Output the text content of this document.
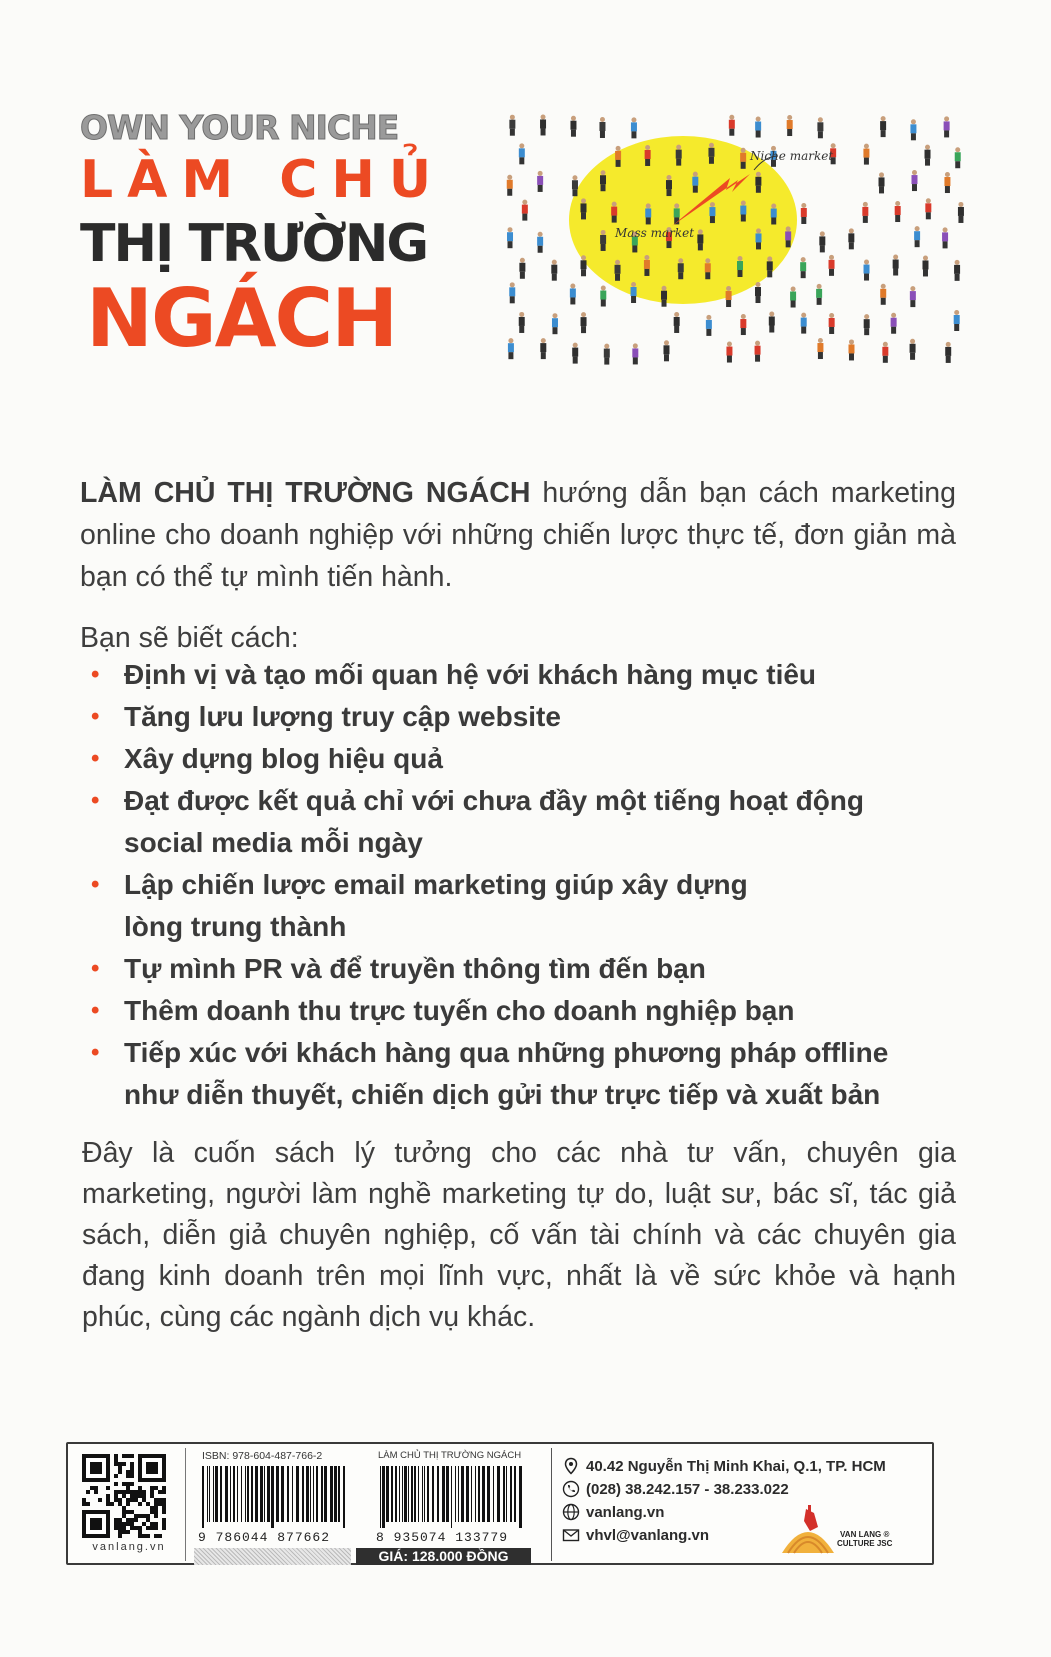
OWN YOUR NICHE
LÀM CHỦ
THỊ TRƯỜNG
NGÁCH
Niche market
Mass market

LÀM CHỦ THỊ TRƯỜNG NGÁCH hướng dẫn bạn cách marketing online cho doanh nghiệp với những chiến lược thực tế, đơn giản mà bạn có thể tự mình tiến hành.

Bạn sẽ biết cách:
• Định vị và tạo mối quan hệ với khách hàng mục tiêu
• Tăng lưu lượng truy cập website
• Xây dựng blog hiệu quả
• Đạt được kết quả chỉ với chưa đầy một tiếng hoạt động
social media mỗi ngày
• Lập chiến lược email marketing giúp xây dựng
lòng trung thành
• Tự mình PR và để truyền thông tìm đến bạn
• Thêm doanh thu trực tuyến cho doanh nghiệp bạn
• Tiếp xúc với khách hàng qua những phương pháp offline
như diễn thuyết, chiến dịch gửi thư trực tiếp và xuất bản

Đây là cuốn sách lý tưởng cho các nhà tư vấn, chuyên gia marketing, người làm nghề marketing tự do, luật sư, bác sĩ, tác giả sách, diễn giả chuyên nghiệp, cố vấn tài chính và các chuyên gia đang kinh doanh trên mọi lĩnh vực, nhất là về sức khỏe và hạnh phúc, cùng các ngành dịch vụ khác.

vanlang.vn
ISBN: 978-604-487-766-2	LÀM CHỦ THỊ TRƯỜNG NGÁCH
9 786044 877662	8 935074 133779
GIÁ: 128.000 ĐỒNG
40.42 Nguyễn Thị Minh Khai, Q.1, TP. HCM
(028) 38.242.157 - 38.233.022
vanlang.vn
vhvl@vanlang.vn	VAN LANG ®
CULTURE JSC
